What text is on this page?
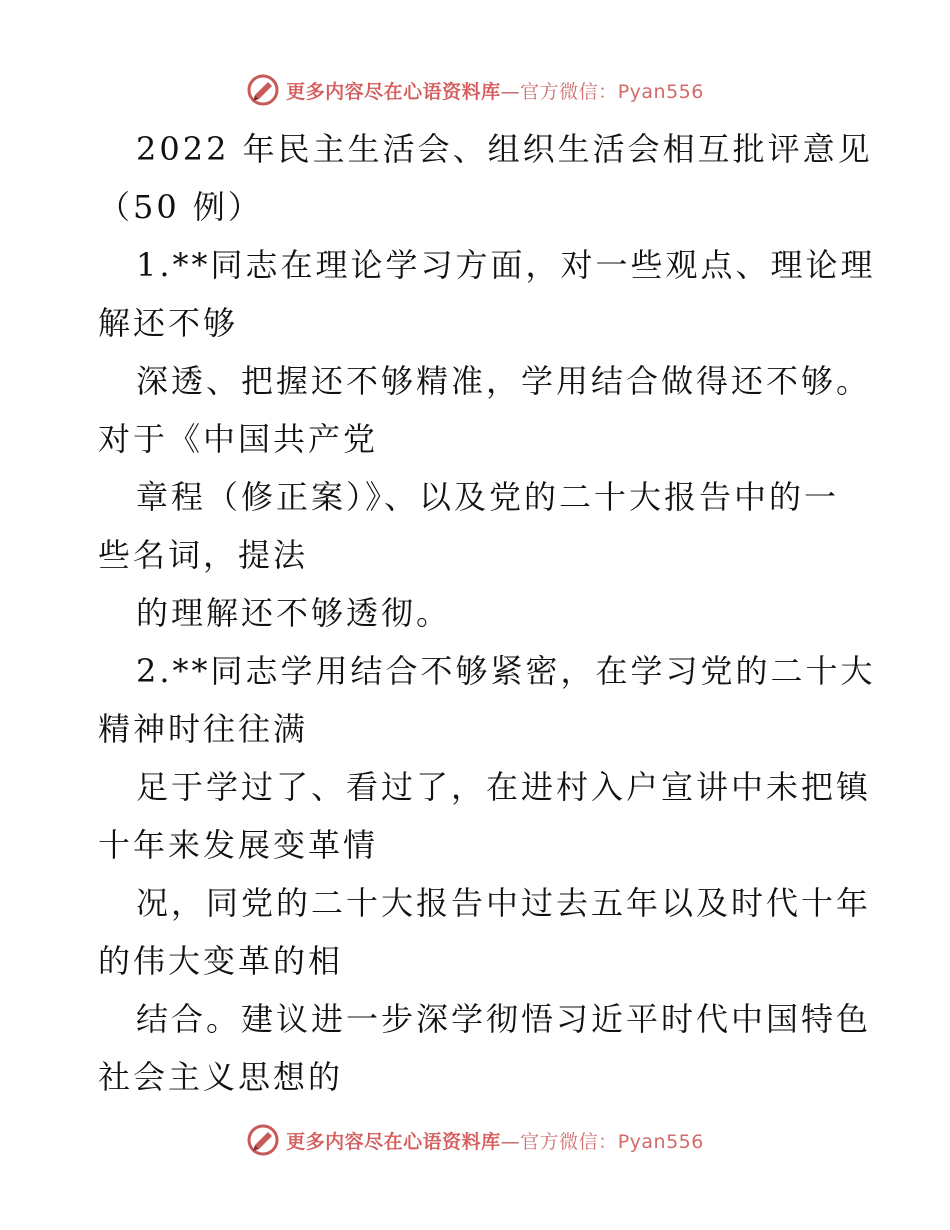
更多内容尽在心语资料库—官方微信：Pyan556
2022 年民主生活会、组织生活会相互批评意见
（50 例）
1.**同志在理论学习方面，对一些观点、理论理
解还不够
深透、把握还不够精准，学用结合做得还不够。
对于《中国共产党
章程（修正案）》、以及党的二十大报告中的一
些名词，提法
的理解还不够透彻。
2.**同志学用结合不够紧密，在学习党的二十大
精神时往往满
足于学过了、看过了，在进村入户宣讲中未把镇
十年来发展变革情
况，同党的二十大报告中过去五年以及时代十年
的伟大变革的相
结合。建议进一步深学彻悟习近平时代中国特色
社会主义思想的
更多内容尽在心语资料库—官方微信：Pyan556
